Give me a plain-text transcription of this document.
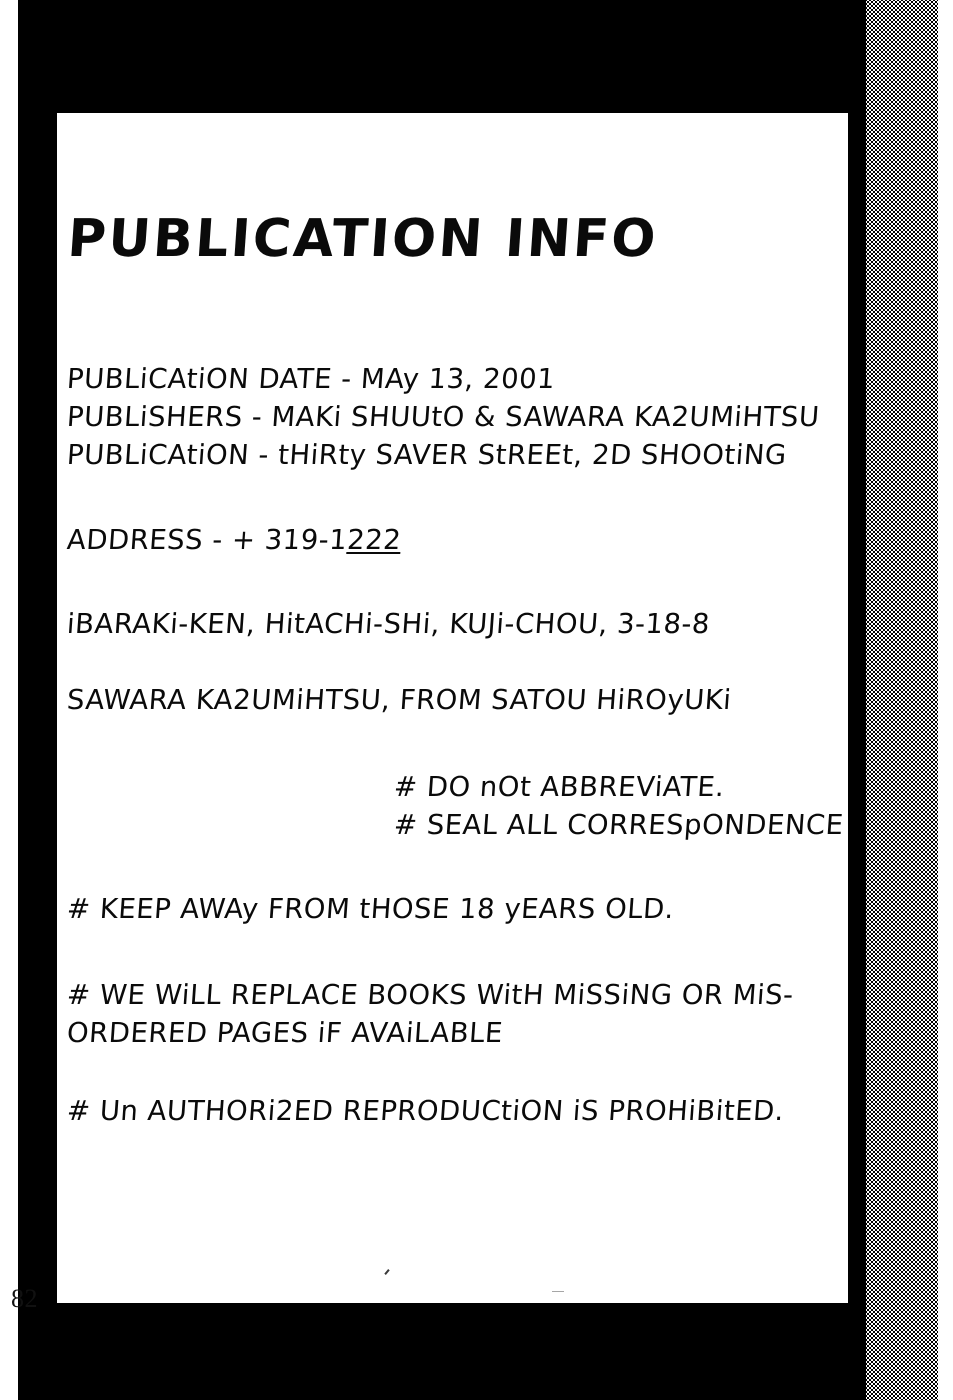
PUBLICATION INFO
PUBLiCAtiON DATE - MAy 13, 2001
PUBLiSHERS - MAKi SHUUtO & SAWARA KA2UMiHTSU
PUBLiCAtiON - tHiRty SAVER StREEt, 2D SHOOtiNG
ADDRESS - + 319-1222
iBARAKi-KEN, HitACHi-SHi, KUJi-CHOU, 3-18-8
SAWARA KA2UMiHTSU, FROM SATOU HiROyUKi
# DO nOt ABBREViATE.
# SEAL ALL CORRESpONDENCE
# KEEP AWAy FROM tHOSE 18 yEARS OLD.
# WE WiLL REPLACE BOOKS WitH MiSSiNG OR MiS-
ORDERED PAGES iF AVAiLABLE
# Un AUTHORi2ED REPRODUCtiON iS PROHiBitED.
82
